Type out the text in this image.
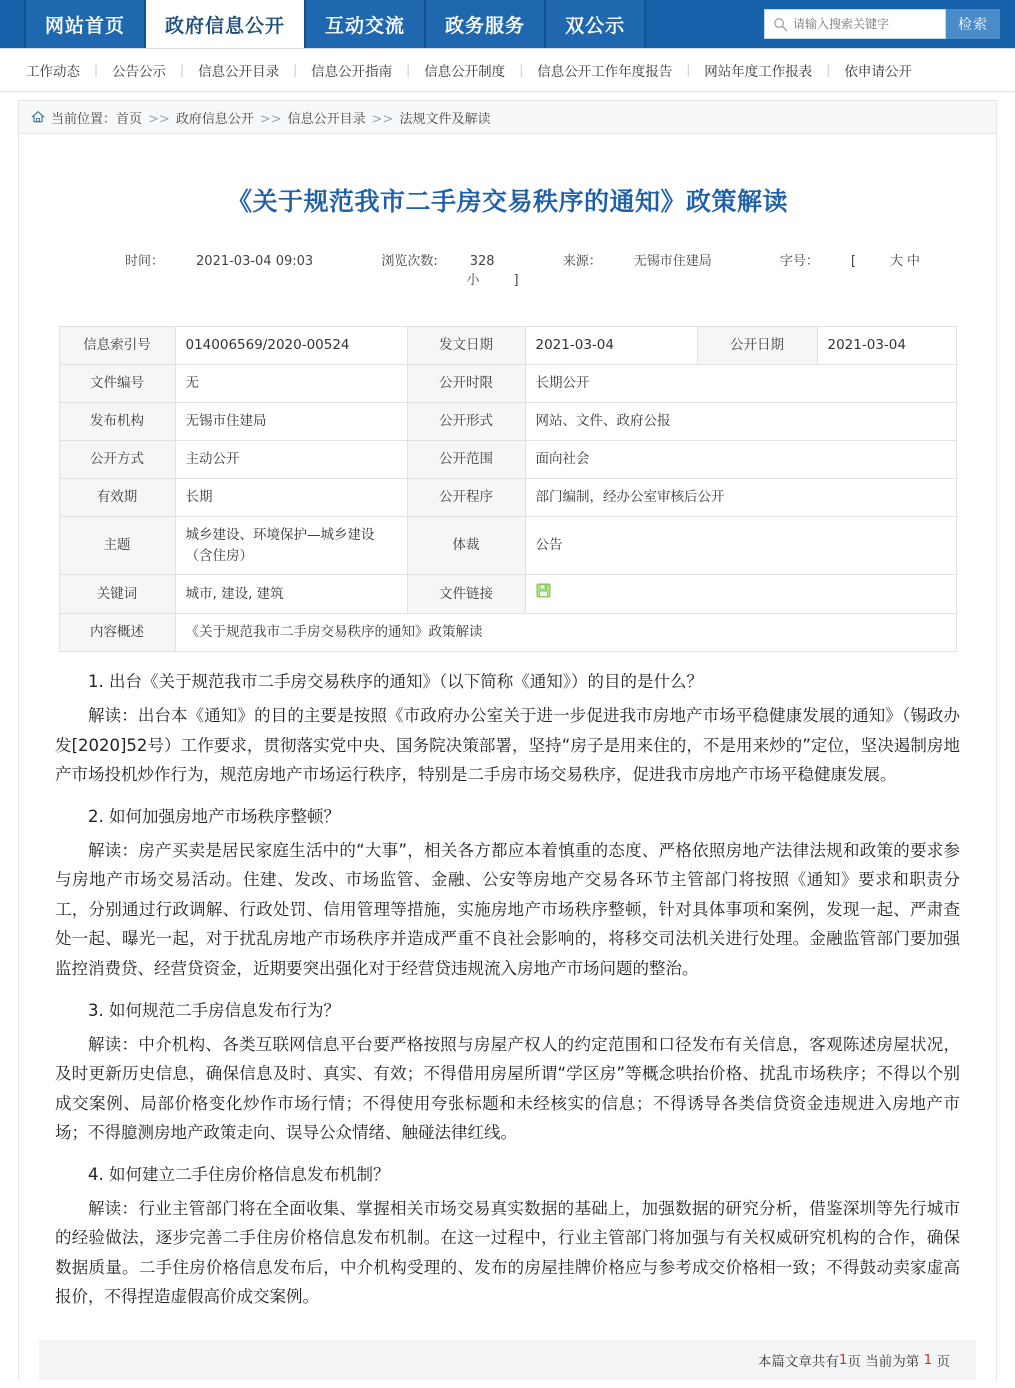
网站首页	政府信息公开	互动交流	政务服务	双公示
请输入搜索关键字	检索
工作动态 | 公告公示 | 信息公开目录 | 信息公开指南 | 信息公开制度 | 信息公开工作年度报告 | 网站年度工作报表 | 依申请公开
当前位置： 首页 >> 政府信息公开 >> 信息公开目录 >> 法规文件及解读
《关于规范我市二手房交易秩序的通知》政策解读
时间： 2021-03-04 09:03	浏览次数: 328	来源： 无锡市住建局	字号： [	大 中小	]
信息索引号	014006569/2020-00524	发文日期	2021-03-04	公开日期	2021-03-04
文件编号	无	公开时限	长期公开		
发布机构	无锡市住建局	公开形式	网站、文件、政府公报		
公开方式	主动公开	公开范围	面向社会		
有效期	长期	公开程序	部门编制，经办公室审核后公开		
主题	城乡建设、环境保护—城乡建设（含住房）	体裁	公告		
关键词	城市, 建设, 建筑	文件链接	
内容概述	《关于规范我市二手房交易秩序的通知》政策解读				

1. 出台《关于规范我市二手房交易秩序的通知》（以下简称《通知》）的目的是什么？

解读：出台本《通知》的目的主要是按照《市政府办公室关于进一步促进我市房地产市场平稳健康发展的通知》（锡政办发[2020]52号）工作要求，贯彻落实党中央、国务院决策部署，坚持“房子是用来住的，不是用来炒的”定位，坚决遏制房地产市场投机炒作行为，规范房地产市场运行秩序，特别是二手房市场交易秩序，促进我市房地产市场平稳健康发展。

2. 如何加强房地产市场秩序整顿？

解读：房产买卖是居民家庭生活中的“大事”，相关各方都应本着慎重的态度、严格依照房地产法律法规和政策的要求参与房地产市场交易活动。住建、发改、市场监管、金融、公安等房地产交易各环节主管部门将按照《通知》要求和职责分工，分别通过行政调解、行政处罚、信用管理等措施，实施房地产市场秩序整顿，针对具体事项和案例，发现一起、严肃查处一起、曝光一起，对于扰乱房地产市场秩序并造成严重不良社会影响的，将移交司法机关进行处理。金融监管部门要加强监控消费贷、经营贷资金，近期要突出强化对于经营贷违规流入房地产市场问题的整治。

3. 如何规范二手房信息发布行为？

解读：中介机构、各类互联网信息平台要严格按照与房屋产权人的约定范围和口径发布有关信息，客观陈述房屋状况，及时更新历史信息，确保信息及时、真实、有效；不得借用房屋所谓“学区房”等概念哄抬价格、扰乱市场秩序；不得以个别成交案例、局部价格变化炒作市场行情；不得使用夸张标题和未经核实的信息；不得诱导各类信贷资金违规进入房地产市场；不得臆测房地产政策走向、误导公众情绪、触碰法律红线。

4. 如何建立二手住房价格信息发布机制？

解读：行业主管部门将在全面收集、掌握相关市场交易真实数据的基础上，加强数据的研究分析，借鉴深圳等先行城市的经验做法，逐步完善二手住房价格信息发布机制。在这一过程中，行业主管部门将加强与有关权威研究机构的合作，确保数据质量。二手住房价格信息发布后，中介机构受理的、发布的房屋挂牌价格应与参考成交价格相一致；不得鼓动卖家虚高报价，不得捏造虚假高价成交案例。

本篇文章共有 1 页 当前为第
1
页
